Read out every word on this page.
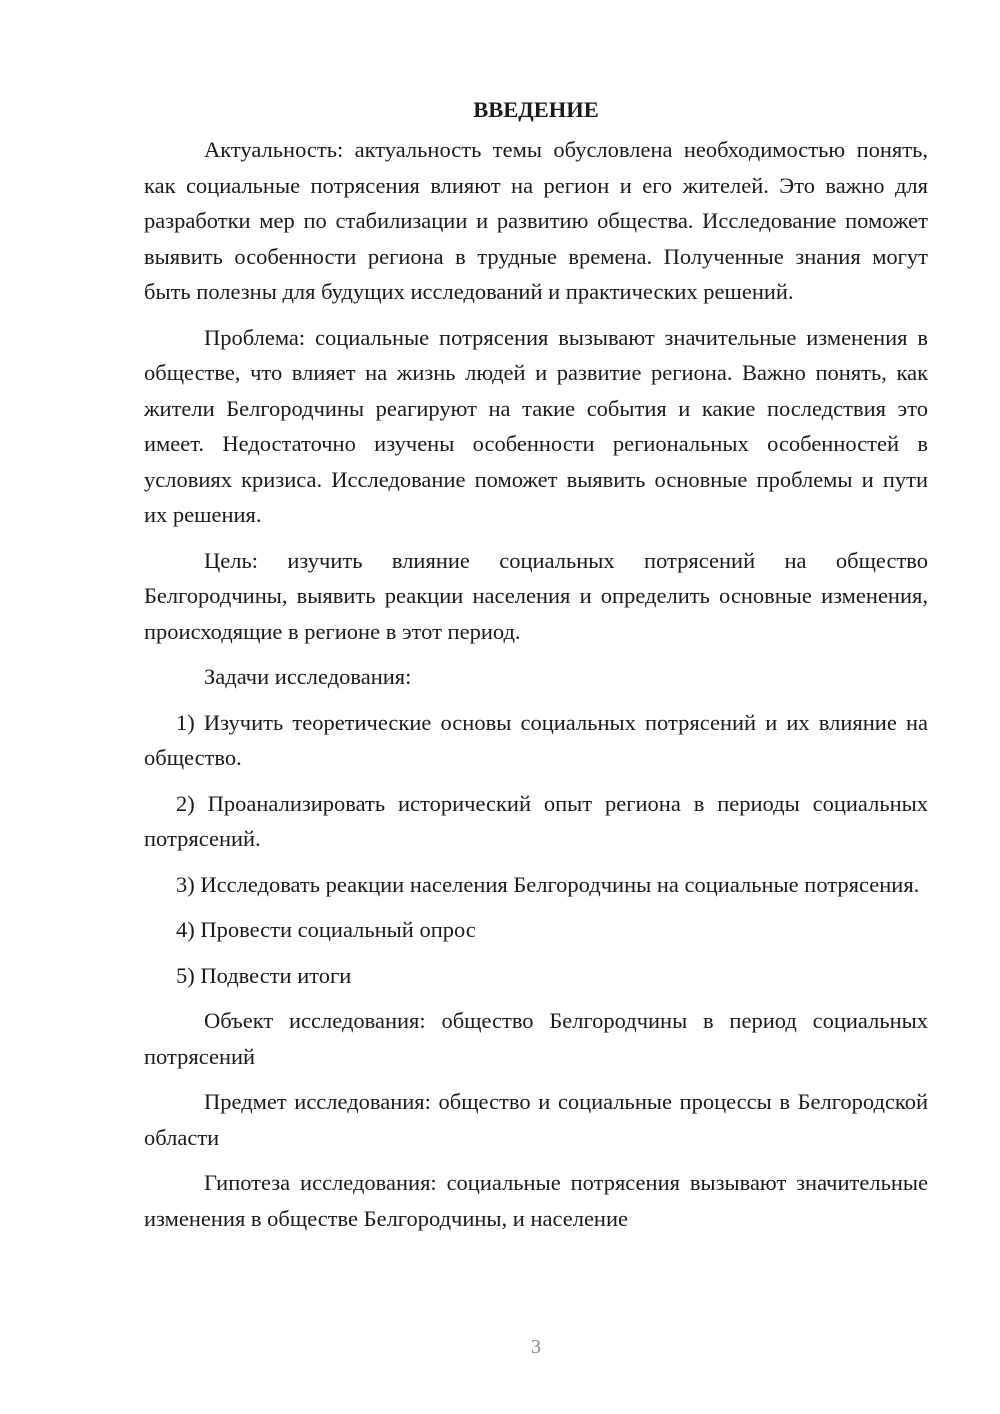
ВВЕДЕНИЕ

Актуальность: актуальность темы обусловлена необходимостью понять, как социальные потрясения влияют на регион и его жителей. Это важно для разработки мер по стабилизации и развитию общества. Исследование поможет выявить особенности региона в трудные времена. Полученные знания могут быть полезны для будущих исследований и практических решений.

Проблема: социальные потрясения вызывают значительные изменения в обществе, что влияет на жизнь людей и развитие региона. Важно понять, как жители Белгородчины реагируют на такие события и какие последствия это имеет. Недостаточно изучены особенности региональных особенностей в условиях кризиса. Исследование поможет выявить основные проблемы и пути их решения.

Цель: изучить влияние социальных потрясений на общество Белгородчины, выявить реакции населения и определить основные изменения, происходящие в регионе в этот период.

Задачи исследования:

1) Изучить теоретические основы социальных потрясений и их влияние на общество.

2) Проанализировать исторический опыт региона в периоды социальных потрясений.

3) Исследовать реакции населения Белгородчины на социальные потрясения.

4) Провести социальный опрос

5) Подвести итоги

Объект исследования: общество Белгородчины в период социальных потрясений

Предмет исследования: общество и социальные процессы в Белгородской области

Гипотеза исследования: социальные потрясения вызывают значительные изменения в обществе Белгородчины, и население

3
